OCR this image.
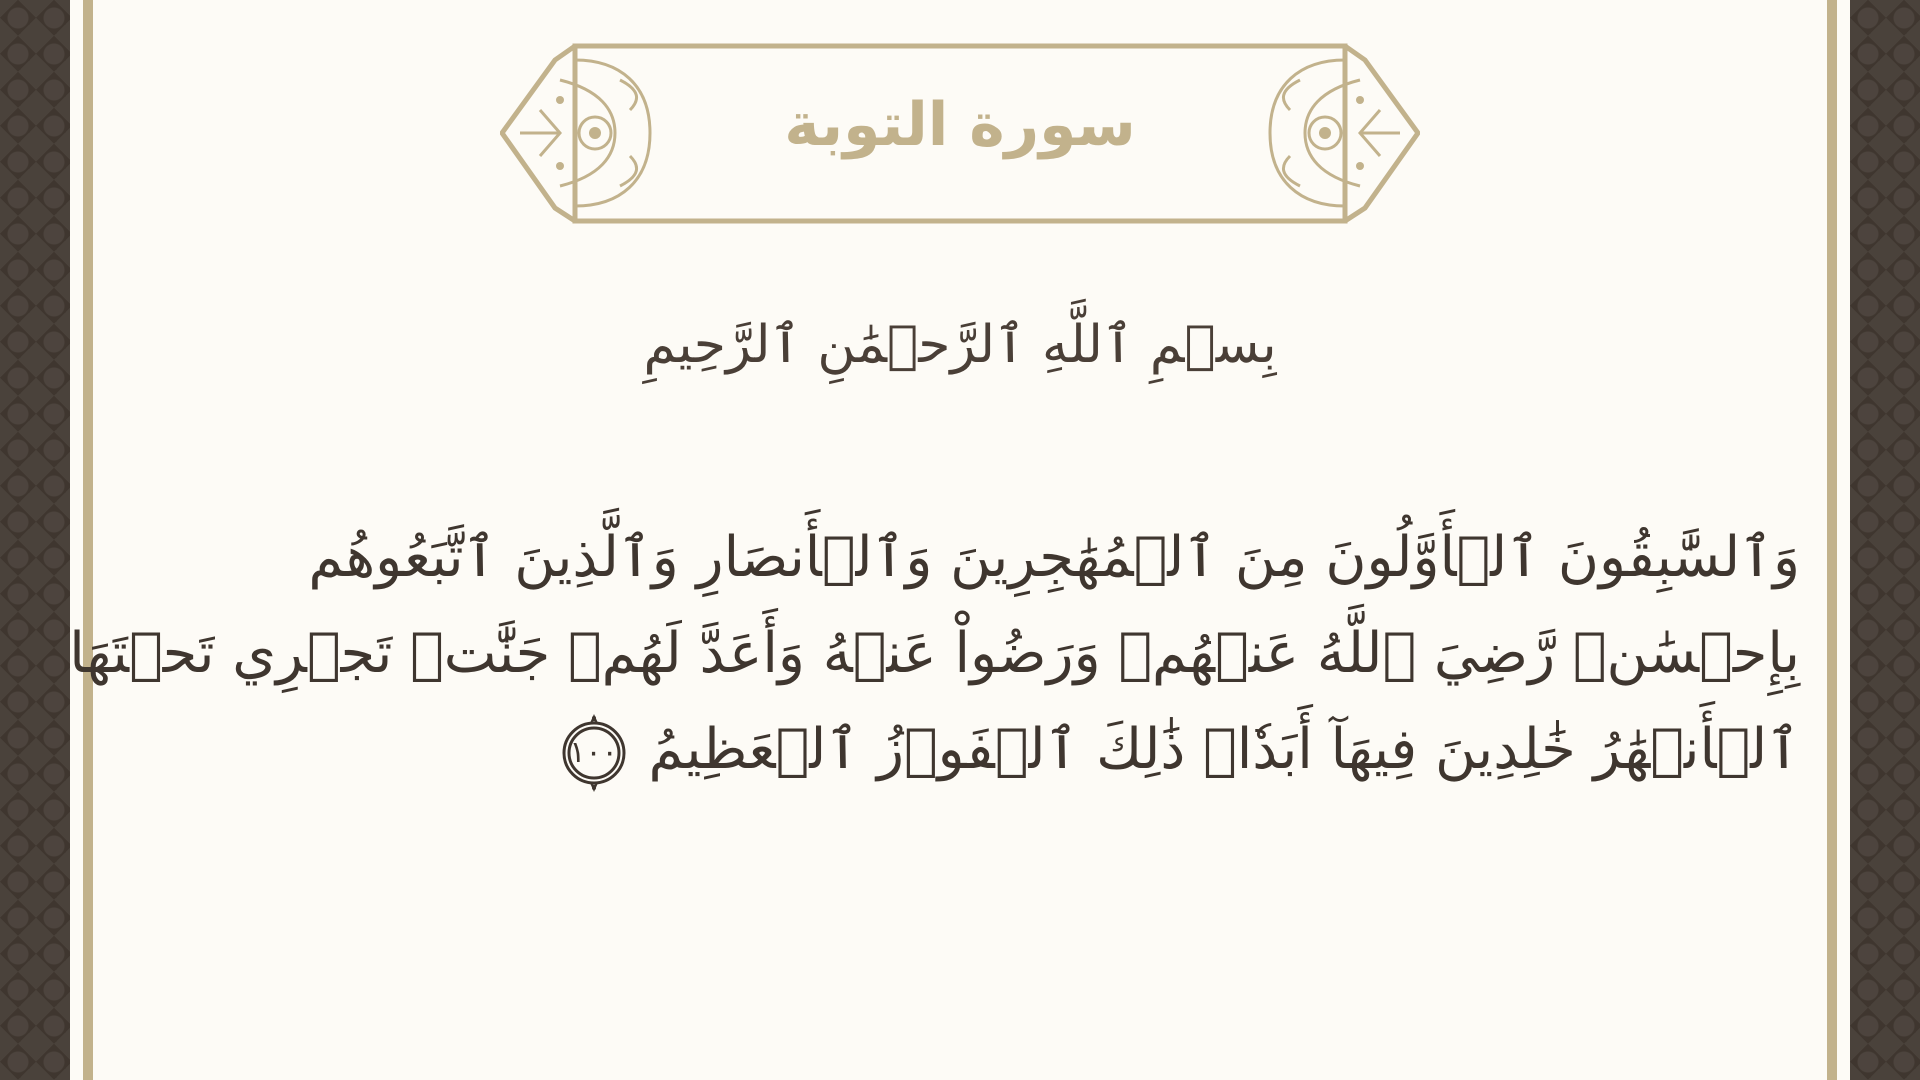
سورة التوبة
بِسۡمِ ٱللَّهِ ٱلرَّحۡمَٰنِ ٱلرَّحِيمِ
وَٱلسَّٰبِقُونَ ٱلۡأَوَّلُونَ مِنَ ٱلۡمُهَٰجِرِينَ وَٱلۡأَنصَارِ وَٱلَّذِينَ ٱتَّبَعُوهُم
بِإِحۡسَٰنٖ رَّضِيَ ٱللَّهُ عَنۡهُمۡ وَرَضُواْ عَنۡهُ وَأَعَدَّ لَهُمۡ جَنَّٰتٖ تَجۡرِي تَحۡتَهَا
ٱلۡأَنۡهَٰرُ خَٰلِدِينَ فِيهَآ أَبَدٗاۚ ذَٰلِكَ ٱلۡفَوۡزُ ٱلۡعَظِيمُ
١٠٠
